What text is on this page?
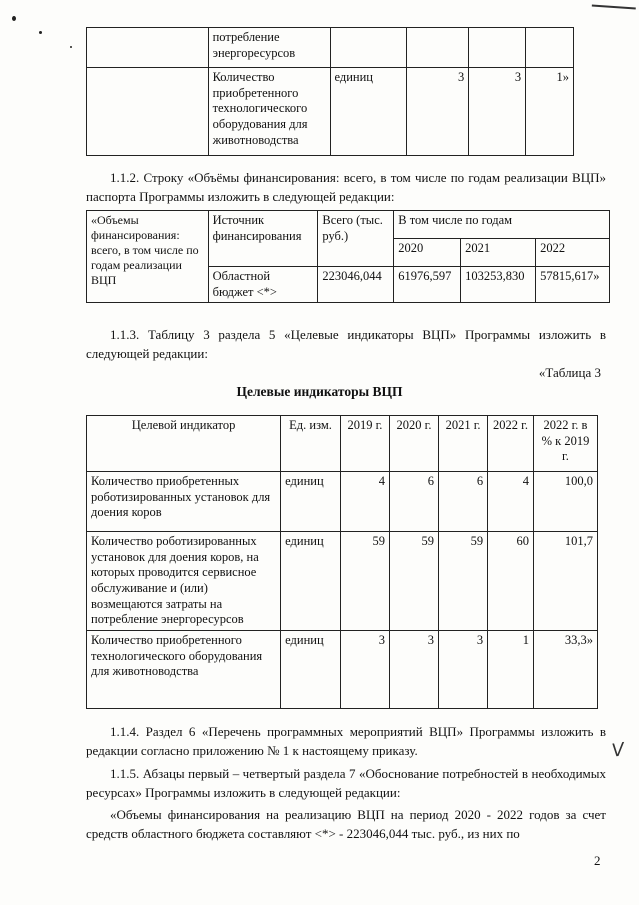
	потребление
энергоресурсов				
	Количество
приобретенного
технологического
оборудования для
животноводства	единиц	3	3	1»
1.1.2. Строку «Объёмы финансирования: всего, в том числе по годам реализации ВЦП» паспорта Программы изложить в следующей редакции:
«Объемы финансирования: всего, в том числе по годам реализации ВЦП	Источник финансирования	Всего (тыс. руб.)	В том числе по годам		
			2020	2021	2022
	Областной бюджет <*>	223046,044	61976,597	103253,830	57815,617»
1.1.3. Таблицу 3 раздела 5 «Целевые индикаторы ВЦП» Программы изложить в следующей редакции:
«Таблица 3
Целевые индикаторы ВЦП
Целевой индикатор	Ед. изм.	2019 г.	2020 г.	2021 г.	2022 г.	2022 г. в % к 2019 г.
Количество приобретенных роботизированных установок для доения коров	единиц	4	6	6	4	100,0
Количество роботизированных установок для доения коров, на которых проводится сервисное обслуживание и (или) возмещаются затраты на потребление энергоресурсов	единиц	59	59	59	60	101,7
Количество приобретенного технологического оборудования для животноводства	единиц	3	3	3	1	33,3»
1.1.4. Раздел 6 «Перечень программных мероприятий ВЦП» Программы изложить в редакции согласно приложению № 1 к настоящему приказу.	V
1.1.5. Абзацы первый – четвертый раздела 7 «Обоснование потребностей в необходимых ресурсах» Программы изложить в следующей редакции:
«Объемы финансирования на реализацию ВЦП на период 2020 - 2022 годов за счет средств областного бюджета составляют <*> - 223046,044 тыс. руб., из них по
2
